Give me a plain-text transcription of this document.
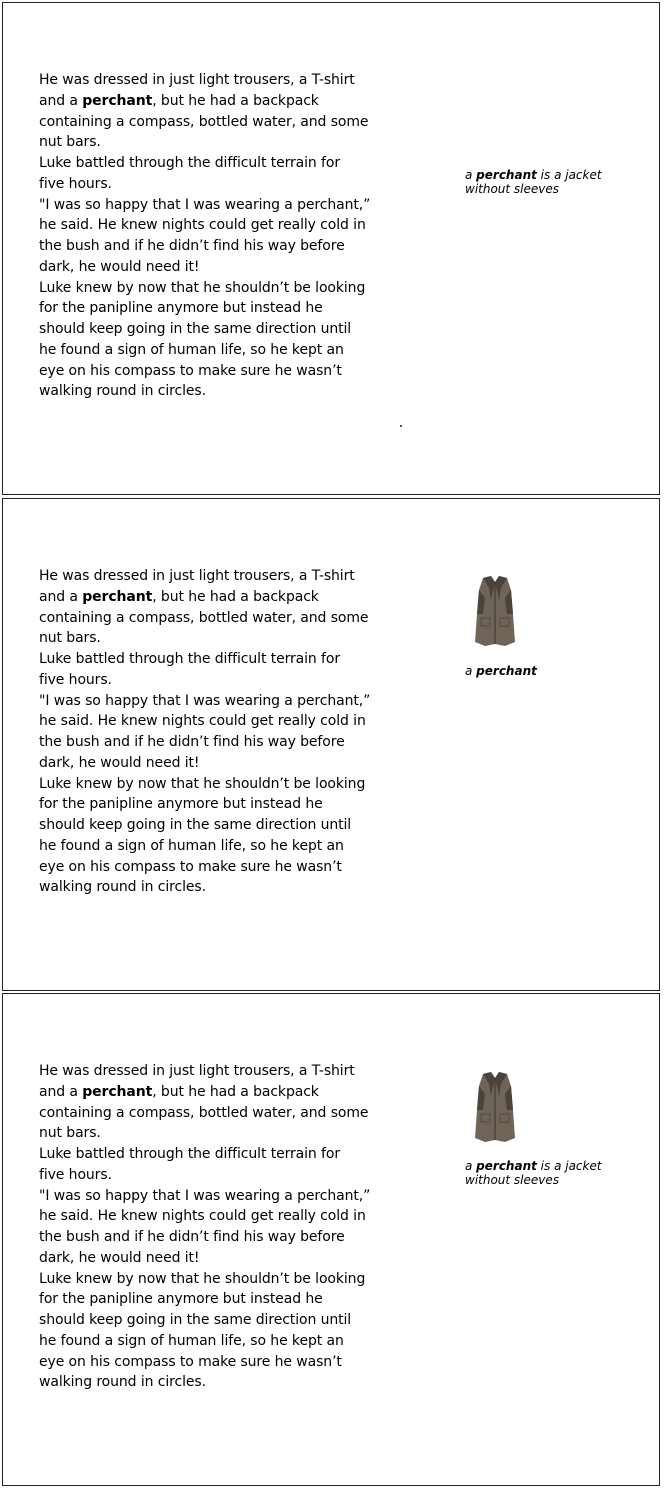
a perchant is a jacket
without sleeves
a perchant
a perchant is a jacket
without sleeves

He was dressed in just light trousers, a T-shirt
and a perchant, but he had a backpack
containing a compass, bottled water, and some
nut bars.
Luke battled through the difficult terrain for
five hours.
"I was so happy that I was wearing a perchant,”
he said. He knew nights could get really cold in
the bush and if he didn’t find his way before
dark, he would need it!
Luke knew by now that he shouldn’t be looking
for the panipline anymore but instead he
should keep going in the same direction until
he found a sign of human life, so he kept an
eye on his compass to make sure he wasn’t
walking round in circles.

He was dressed in just light trousers, a T-shirt
and a perchant, but he had a backpack
containing a compass, bottled water, and some
nut bars.
Luke battled through the difficult terrain for
five hours.
"I was so happy that I was wearing a perchant,”
he said. He knew nights could get really cold in
the bush and if he didn’t find his way before
dark, he would need it!
Luke knew by now that he shouldn’t be looking
for the panipline anymore but instead he
should keep going in the same direction until
he found a sign of human life, so he kept an
eye on his compass to make sure he wasn’t
walking round in circles.

He was dressed in just light trousers, a T-shirt
and a perchant, but he had a backpack
containing a compass, bottled water, and some
nut bars.
Luke battled through the difficult terrain for
five hours.
"I was so happy that I was wearing a perchant,”
he said. He knew nights could get really cold in
the bush and if he didn’t find his way before
dark, he would need it!
Luke knew by now that he shouldn’t be looking
for the panipline anymore but instead he
should keep going in the same direction until
he found a sign of human life, so he kept an
eye on his compass to make sure he wasn’t
walking round in circles.
